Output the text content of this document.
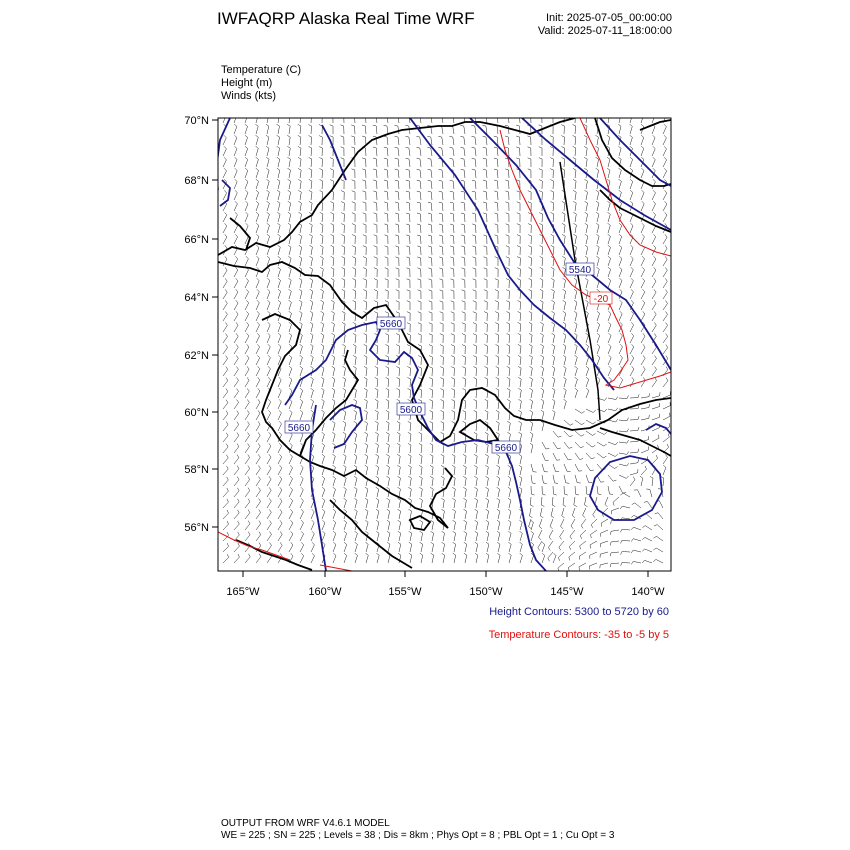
5660
5600
5660
5660
5540
-20
70°N
68°N
66°N
64°N
62°N
60°N
58°N
56°N
165°W	160°W	155°W	150°W	145°W	140°W
IWFAQRP Alaska Real Time WRF	Init: 2025-07-05_00:00:00
Valid: 2025-07-11_18:00:00
Temperature (C)
Height (m)
Winds (kts)
Height Contours: 5300 to 5720 by 60
Temperature Contours: -35 to -5 by 5
OUTPUT FROM WRF V4.6.1 MODEL
WE = 225 ; SN = 225 ; Levels = 38 ; Dis = 8km ; Phys Opt = 8 ; PBL Opt = 1 ; Cu Opt = 3
